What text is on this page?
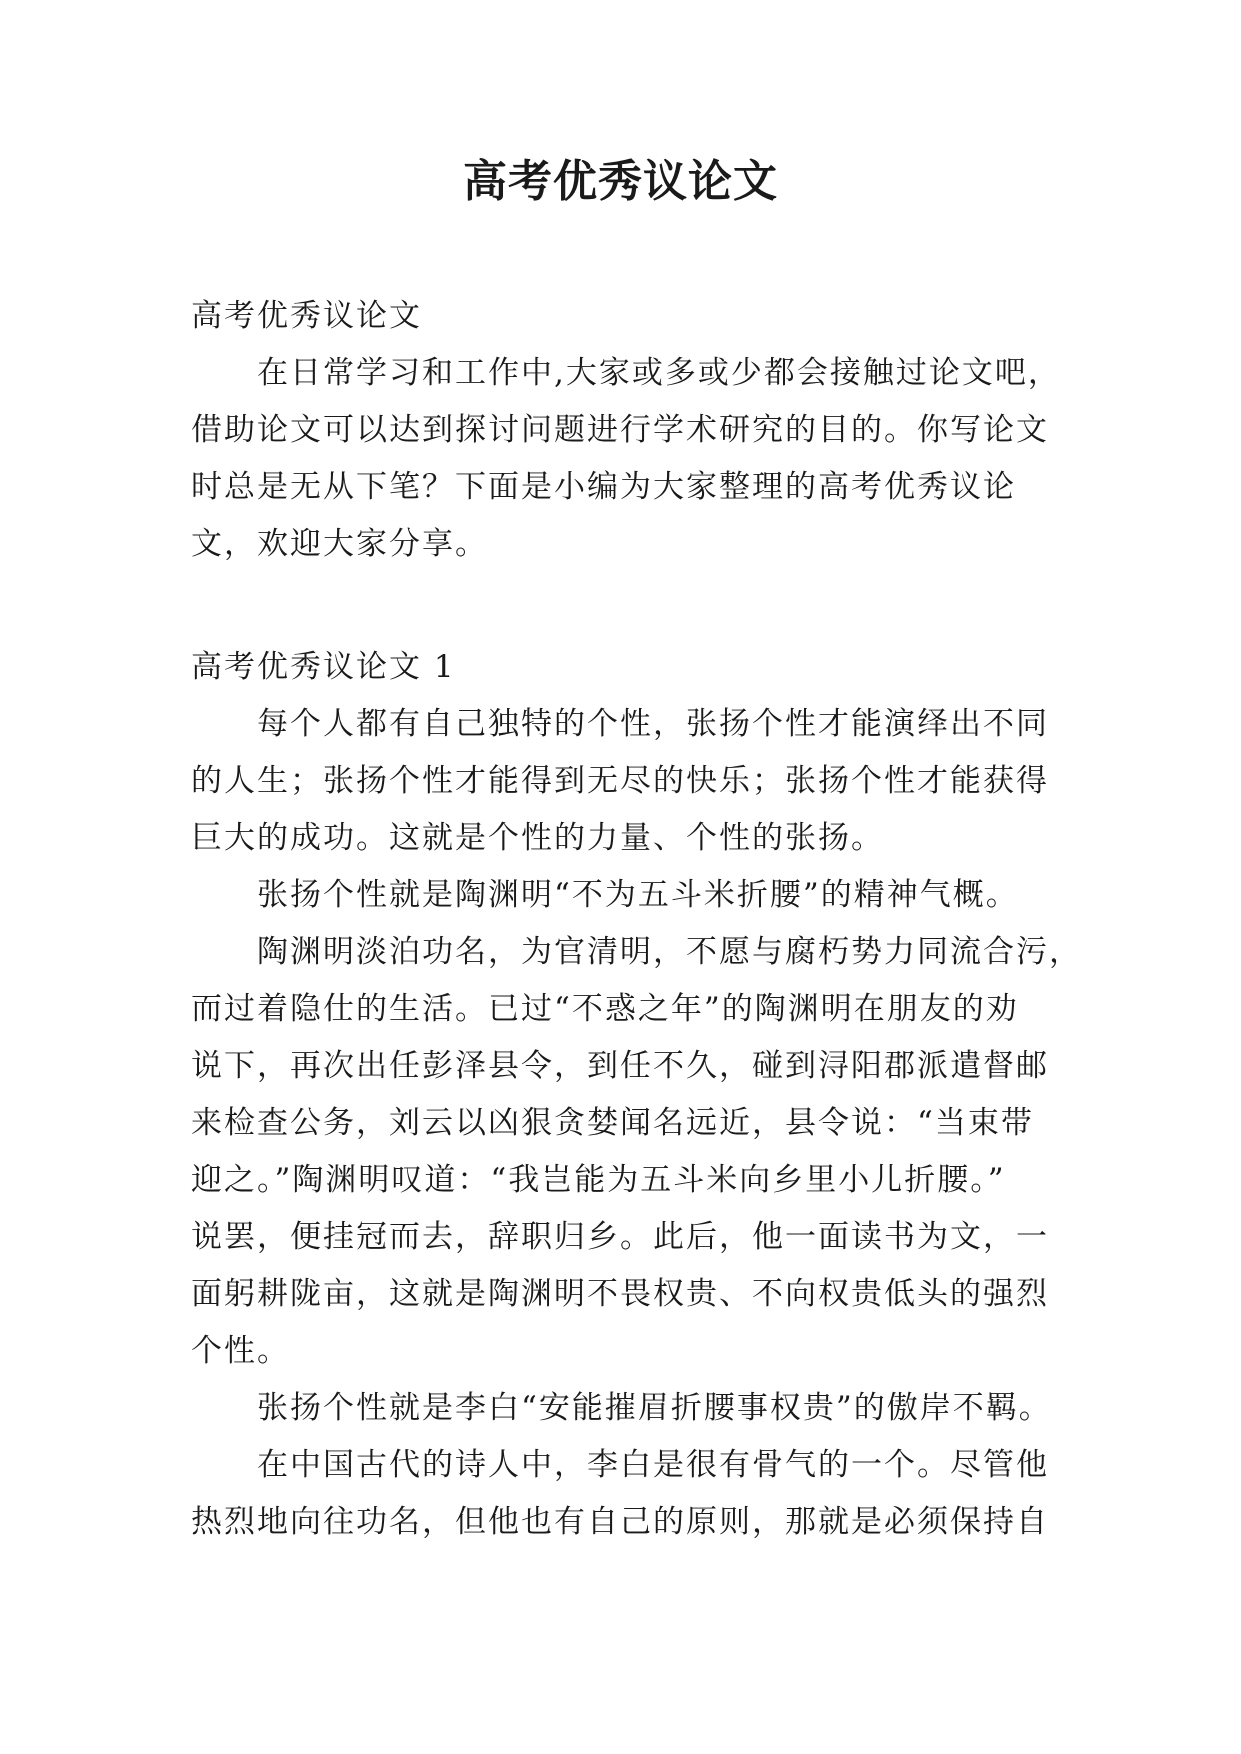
高考优秀议论文
高考优秀议论文
在日常学习和工作中,大家或多或少都会接触过论文吧，
借助论文可以达到探讨问题进行学术研究的目的。你写论文
时总是无从下笔？下面是小编为大家整理的高考优秀议论
文，欢迎大家分享。
高考优秀议论文 1
每个人都有自己独特的个性，张扬个性才能演绎出不同
的人生；张扬个性才能得到无尽的快乐；张扬个性才能获得
巨大的成功。这就是个性的力量、个性的张扬。
张扬个性就是陶渊明“不为五斗米折腰”的精神气概。
陶渊明淡泊功名，为官清明，不愿与腐朽势力同流合污，
而过着隐仕的生活。已过“不惑之年”的陶渊明在朋友的劝
说下，再次出任彭泽县令，到任不久，碰到浔阳郡派遣督邮
来检查公务，刘云以凶狠贪婪闻名远近，县令说：“当束带
迎之。”陶渊明叹道：“我岂能为五斗米向乡里小儿折腰。”
说罢，便挂冠而去，辞职归乡。此后，他一面读书为文，一
面躬耕陇亩，这就是陶渊明不畏权贵、不向权贵低头的强烈
个性。
张扬个性就是李白“安能摧眉折腰事权贵”的傲岸不羁。
在中国古代的诗人中，李白是很有骨气的一个。尽管他
热烈地向往功名，但他也有自己的原则，那就是必须保持自
